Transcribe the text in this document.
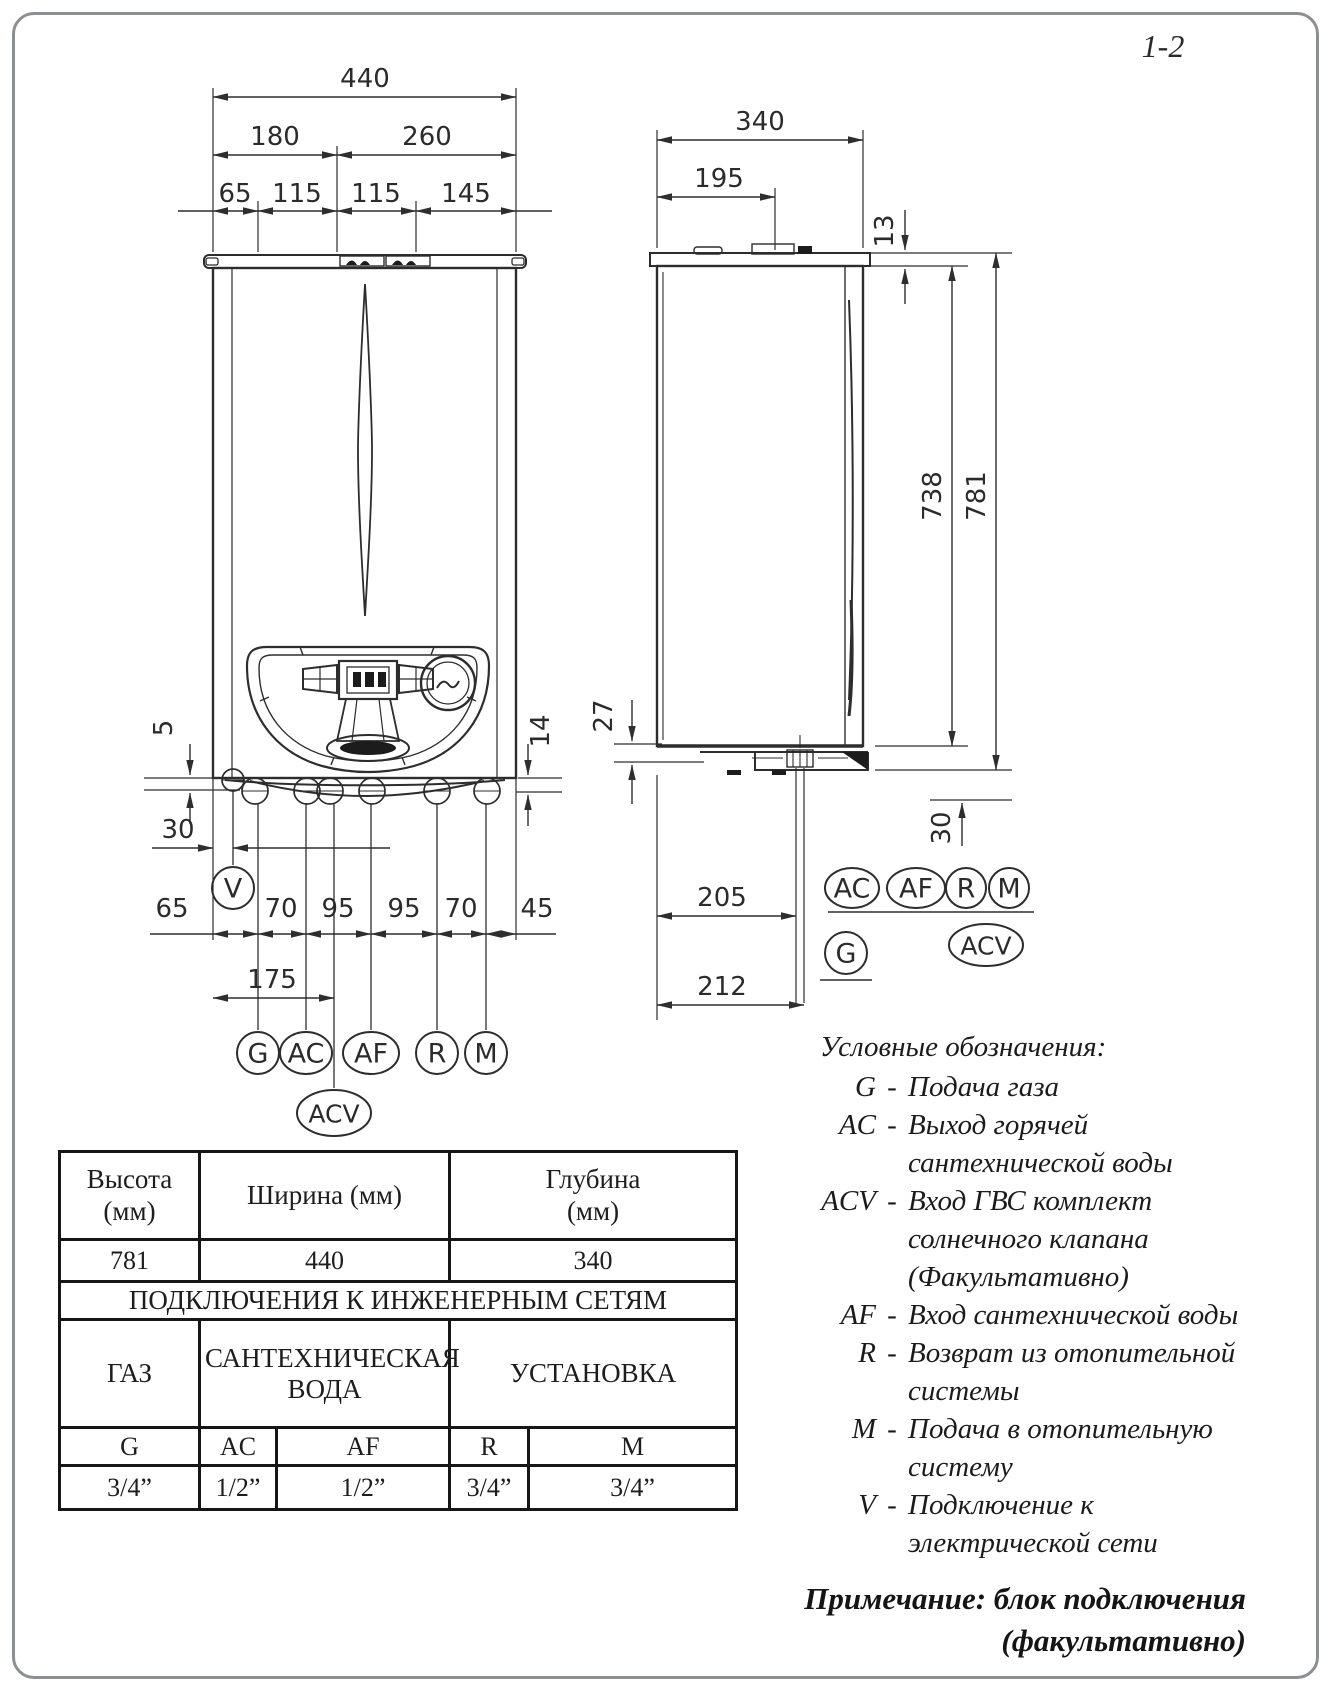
1-2
440
180	260
65 115 115 145
5	14
30
65	70 95 95 70 45
175
V
G AC AF R M
ACV
340
195
13
27
738 781
30
205
212
AC AF R M
G	ACV
Высота (мм)	Ширина (мм)		Глубина (мм)	
781	440		340	
ПОДКЛЮЧЕНИЯ К ИНЖЕНЕРНЫМ СЕТЯМ				
ГАЗ	САНТЕХНИЧЕСКАЯ ВОДА		УСТАНОВКА	
G	AC	AF	R	M
3/4”	1/2”	1/2”	3/4”	3/4”
Условные обозначения:
G - Подача газа
AC - Выход горячей сантехнической воды
ACV - Вход ГВС комплект солнечного клапана (Факультативно)
AF - Вход сантехнической воды
R - Возврат из отопительной системы
M - Подача в отопительную систему
V - Подключение к электрической сети
Примечание: блок подключения
(факультативно)
